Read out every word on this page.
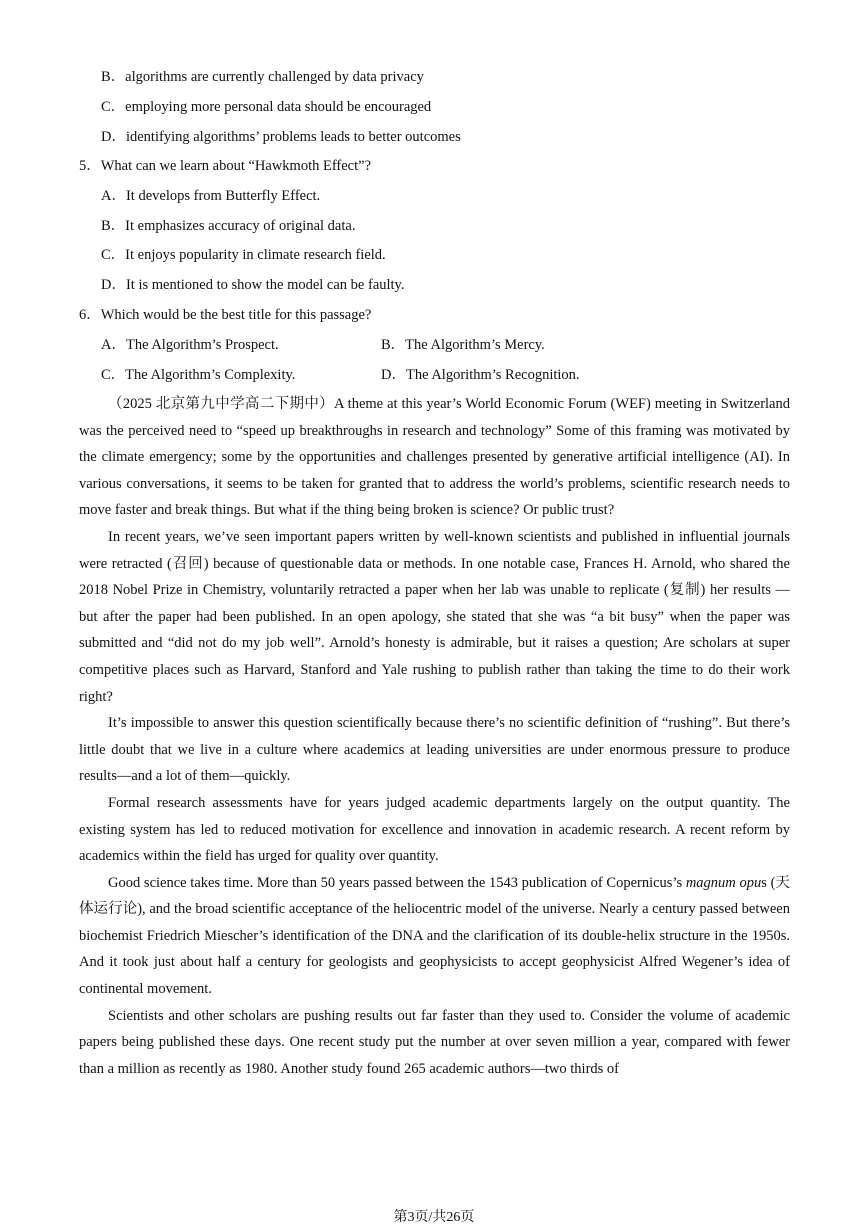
B．algorithms are currently challenged by data privacy
C．employing more personal data should be encouraged
D．identifying algorithms’ problems leads to better outcomes
5．What can we learn about “Hawkmoth Effect”?
A．It develops from Butterfly Effect.
B．It emphasizes accuracy of original data.
C．It enjoys popularity in climate research field.
D．It is mentioned to show the model can be faulty.
6．Which would be the best title for this passage?
A．The Algorithm’s Prospect.	B．The Algorithm’s Mercy.
C．The Algorithm’s Complexity.	D．The Algorithm’s Recognition.

（2025 北京第九中学高二下期中）A theme at this year’s World Economic Forum (WEF) meeting in Switzerland was the perceived need to “speed up breakthroughs in research and technology” Some of this framing was motivated by the climate emergency; some by the opportunities and challenges presented by generative artificial intelligence (AI). In various conversations, it seems to be taken for granted that to address the world’s problems, scientific research needs to move faster and break things. But what if the thing being broken is science? Or public trust?

In recent years, we’ve seen important papers written by well-known scientists and published in influential journals were retracted (召回) because of questionable data or methods. In one notable case, Frances H. Arnold, who shared the 2018 Nobel Prize in Chemistry, voluntarily retracted a paper when her lab was unable to replicate (复制) her results — but after the paper had been published. In an open apology, she stated that she was “a bit busy” when the paper was submitted and “did not do my job well”. Arnold’s honesty is admirable, but it raises a question; Are scholars at super competitive places such as Harvard, Stanford and Yale rushing to publish rather than taking the time to do their work right?

It’s impossible to answer this question scientifically because there’s no scientific definition of “rushing”. But there’s little doubt that we live in a culture where academics at leading universities are under enormous pressure to produce results—and a lot of them—quickly.

Formal research assessments have for years judged academic departments largely on the output quantity. The existing system has led to reduced motivation for excellence and innovation in academic research. A recent reform by academics within the field has urged for quality over quantity.

Good science takes time. More than 50 years passed between the 1543 publication of Copernicus’s magnum opus (天体运行论), and the broad scientific acceptance of the heliocentric model of the universe. Nearly a century passed between biochemist Friedrich Miescher’s identification of the DNA and the clarification of its double-helix structure in the 1950s. And it took just about half a century for geologists and geophysicists to accept geophysicist Alfred Wegener’s idea of continental movement.

Scientists and other scholars are pushing results out far faster than they used to. Consider the volume of academic papers being published these days. One recent study put the number at over seven million a year, compared with fewer than a million as recently as 1980. Another study found 265 academic authors—two thirds of

第3页/共26页
